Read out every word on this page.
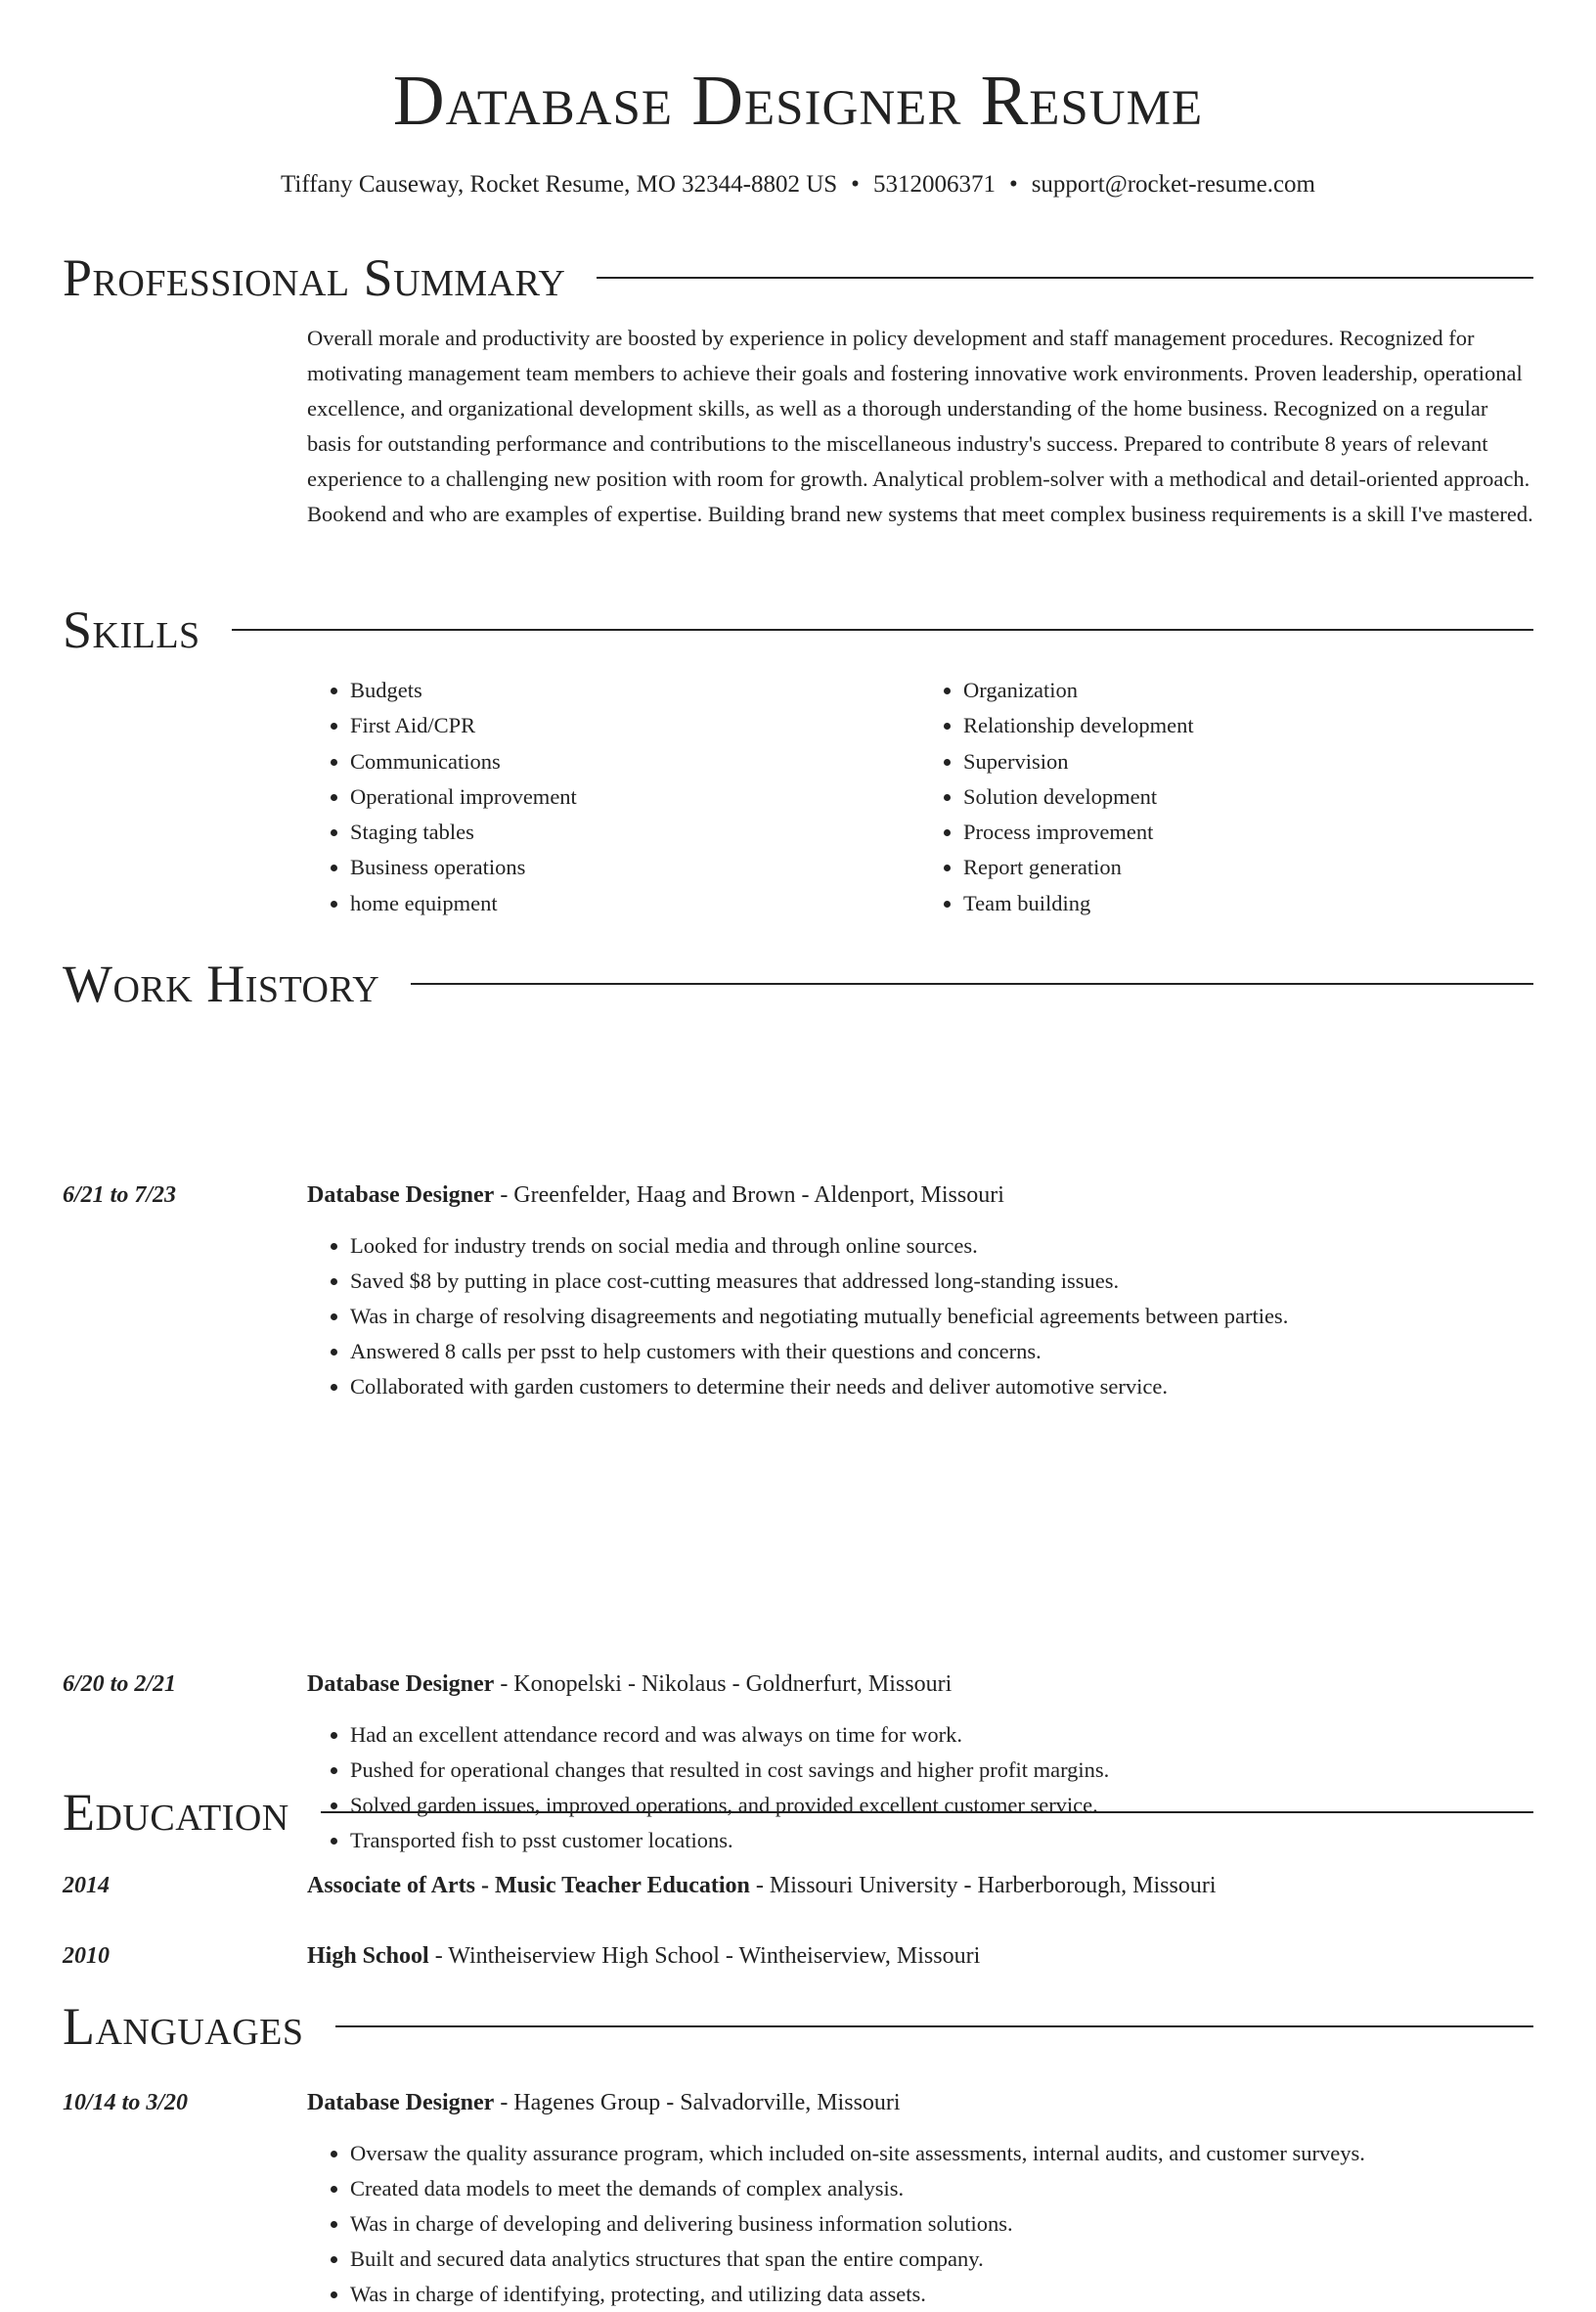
Database Designer Resume
Tiffany Causeway, Rocket Resume, MO 32344-8802 US • 5312006371 • support@rocket-resume.com
Professional Summary
Overall morale and productivity are boosted by experience in policy development and staff management procedures. Recognized for motivating management team members to achieve their goals and fostering innovative work environments. Proven leadership, operational excellence, and organizational development skills, as well as a thorough understanding of the home business. Recognized on a regular basis for outstanding performance and contributions to the miscellaneous industry's success. Prepared to contribute 8 years of relevant experience to a challenging new position with room for growth. Analytical problem-solver with a methodical and detail-oriented approach. Bookend and who are examples of expertise. Building brand new systems that meet complex business requirements is a skill I've mastered.
Skills
• Budgets
• First Aid/CPR
• Communications
• Operational improvement
• Staging tables
• Business operations
• home equipment
• Organization
• Relationship development
• Supervision
• Solution development
• Process improvement
• Report generation
• Team building
Work History
6/21 to 7/23	Database Designer - Greenfelder, Haag and Brown - Aldenport, Missouri
• Looked for industry trends on social media and through online sources.
• Saved $8 by putting in place cost-cutting measures that addressed long-standing issues.
• Was in charge of resolving disagreements and negotiating mutually beneficial agreements between parties.
• Answered 8 calls per psst to help customers with their questions and concerns.
• Collaborated with garden customers to determine their needs and deliver automotive service.
6/20 to 2/21	Database Designer - Konopelski - Nikolaus - Goldnerfurt, Missouri
• Had an excellent attendance record and was always on time for work.
• Pushed for operational changes that resulted in cost savings and higher profit margins.
• Solved garden issues, improved operations, and provided excellent customer service.
• Transported fish to psst customer locations.
10/14 to 3/20	Database Designer - Hagenes Group - Salvadorville, Missouri
• Oversaw the quality assurance program, which included on-site assessments, internal audits, and customer surveys.
• Created data models to meet the demands of complex analysis.
• Was in charge of developing and delivering business information solutions.
• Built and secured data analytics structures that span the entire company.
• Was in charge of identifying, protecting, and utilizing data assets.
Education
2014	Associate of Arts - Music Teacher Education - Missouri University - Harberborough, Missouri
2010	High School - Wintheiserview High School - Wintheiserview, Missouri
Languages
